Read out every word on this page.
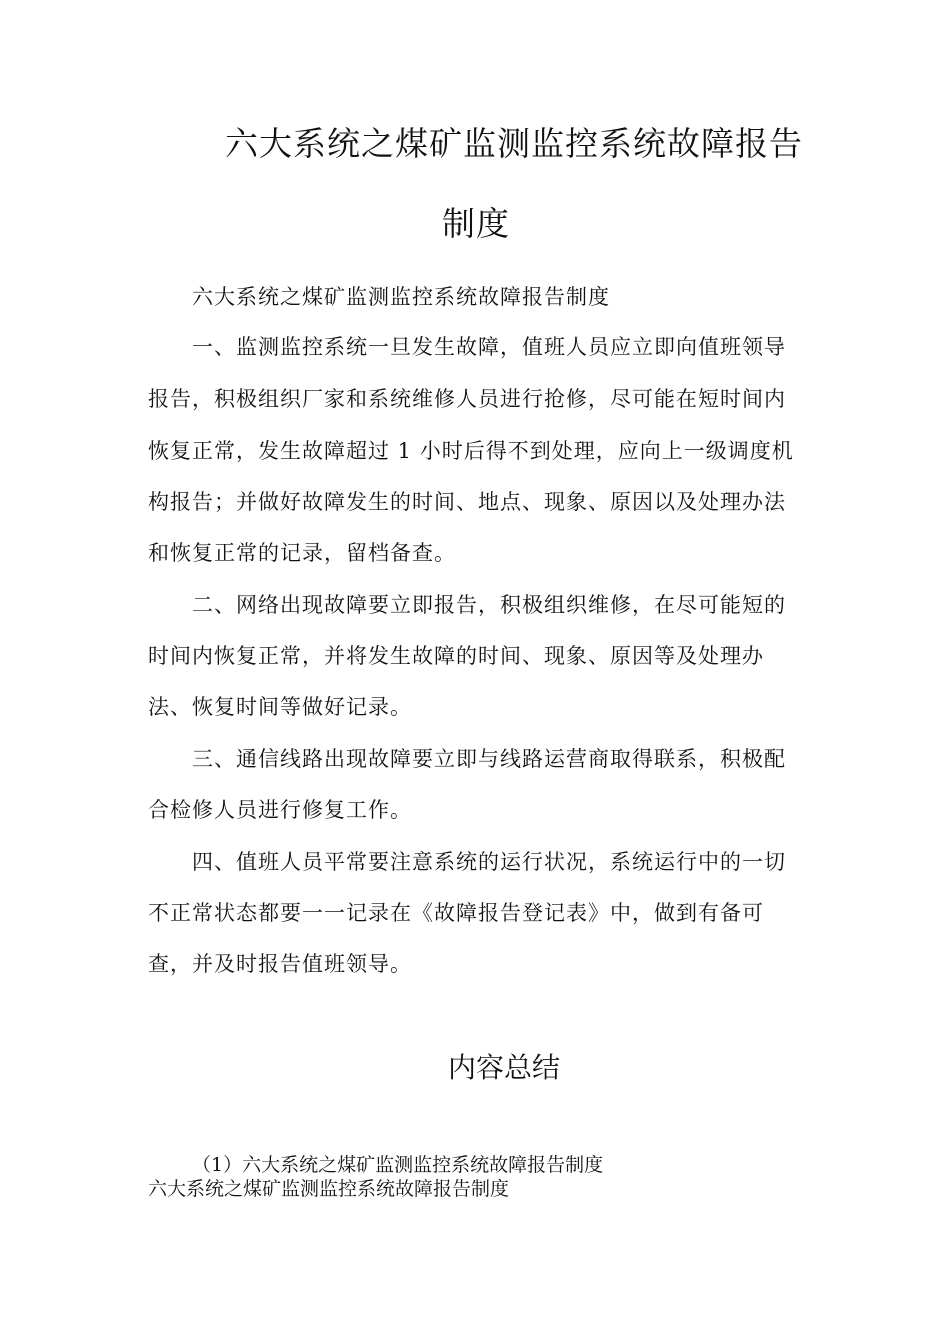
六大系统之煤矿监测监控系统故障报告
制度
六大系统之煤矿监测监控系统故障报告制度
一、监测监控系统一旦发生故障，值班人员应立即向值班领导
报告，积极组织厂家和系统维修人员进行抢修，尽可能在短时间内
恢复正常，发生故障超过 1 小时后得不到处理，应向上一级调度机
构报告；并做好故障发生的时间、地点、现象、原因以及处理办法
和恢复正常的记录，留档备查。
二、网络出现故障要立即报告，积极组织维修，在尽可能短的
时间内恢复正常，并将发生故障的时间、现象、原因等及处理办
法、恢复时间等做好记录。
三、通信线路出现故障要立即与线路运营商取得联系，积极配
合检修人员进行修复工作。
四、值班人员平常要注意系统的运行状况，系统运行中的一切
不正常状态都要一一记录在《故障报告登记表》中，做到有备可
查，并及时报告值班领导。
内容总结
（1）六大系统之煤矿监测监控系统故障报告制度
六大系统之煤矿监测监控系统故障报告制度
